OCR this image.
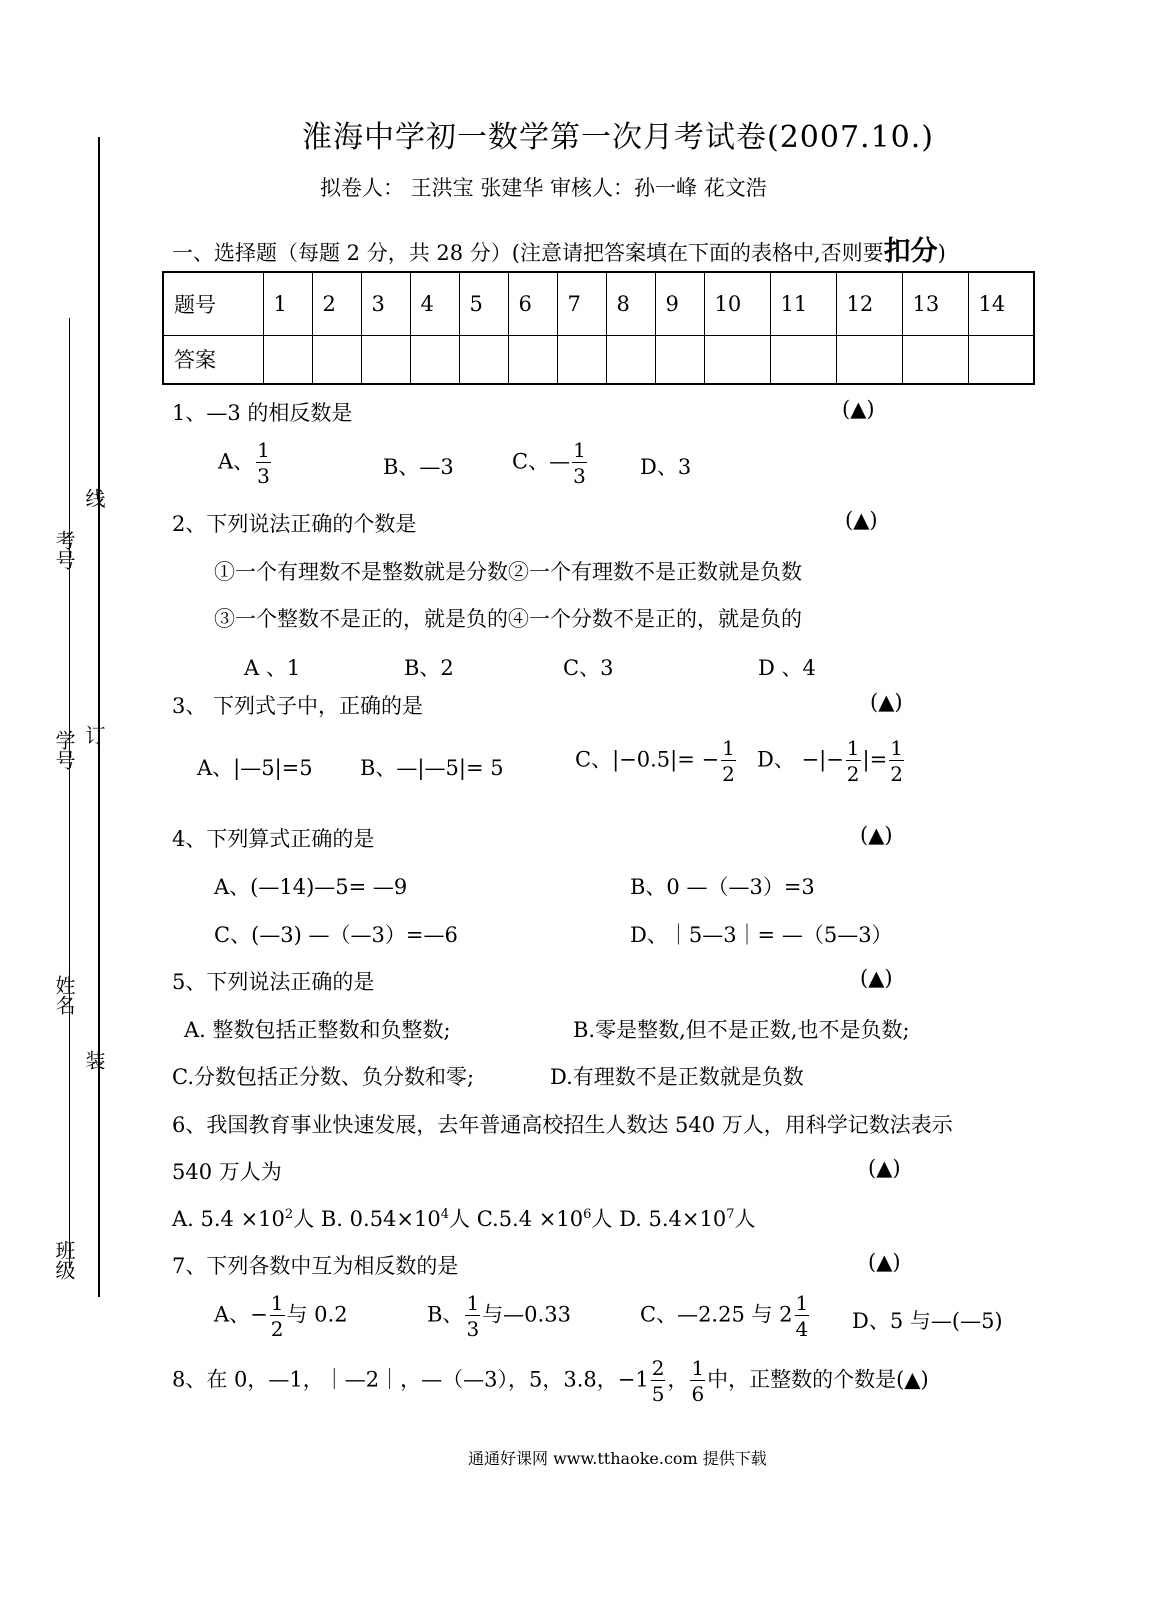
线
订
装
考号
学号
姓名
班级
淮海中学初一数学第一次月考试卷(2007.10.)
拟卷人： 王洪宝 张建华 审核人：孙一峰 花文浩
一、选择题（每题 2 分，共 28 分）(注意请把答案填在下面的表格中,否则要扣分)
题号	1	2	3	4	5	6	7	8	9	10	11	12	13	14
答案														
1、—3 的相反数是	(▲)
A、 $\frac{1}{3}$	B、—3	C、— $\frac{1}{3}$	D、3
2、下列说法正确的个数是	(▲)
①一个有理数不是整数就是分数②一个有理数不是正数就是负数
③一个整数不是正的，就是负的④一个分数不是正的，就是负的
A 、1	B、2	C、3	D 、4
3、 下列式子中，正确的是	(▲)
A、|—5|=5 B、—|—5|= 5	C、$|-0.5|= - \frac{1}{2}$ D、 −|− $\frac{1}{2}$ |= $\frac{1}{2}$
4、下列算式正确的是	(▲)
A、(—14)—5= —9	B、0 —（—3）=3
C、(—3) —（—3）=—6	D、｜5—3｜= —（5—3）
5、下列说法正确的是	(▲)
A. 整数包括正整数和负整数;	B.零是整数,但不是正数,也不是负数;
C.分数包括正分数、负分数和零;	D.有理数不是正数就是负数
6、我国教育事业快速发展，去年普通高校招生人数达 540 万人，用科学记数法表示
540 万人为	(▲)
A. $5.4 \times 10^2$人 B. $0.54\times 10^4$人 $C.5.4 \times 10^6$人 D. $5.4\times 10^7$人
7、下列各数中互为相反数的是	(▲)
A、− $\frac{1}{2}$ 与 0.2	B、 $\frac{1}{3}$ 与—0.33	C、—2.25 与 $2 \frac{1}{4}$ D、5 与—(—5)
8、在 0，—1，｜—2｜，—（—3），5，3.8，$-1 \frac{2}{5}$ ， $\frac{1}{6}$ 中，正整数的个数是(▲)
通通好课网 www.tthaoke.com 提供下载
